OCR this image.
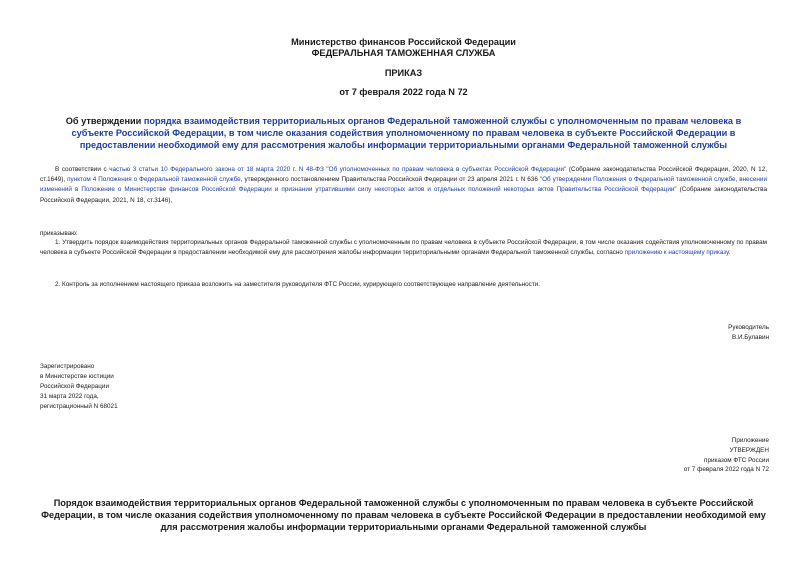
Министерство финансов Российской Федерации
ФЕДЕРАЛЬНАЯ ТАМОЖЕННАЯ СЛУЖБА
ПРИКАЗ
от 7 февраля 2022 года N 72
Об утверждении порядка взаимодействия территориальных органов Федеральной таможенной службы с уполномоченным по правам человека в субъекте Российской Федерации, в том числе оказания содействия уполномоченному по правам человека в субъекте Российской Федерации в предоставлении необходимой ему для рассмотрения жалобы информации территориальными органами Федеральной таможенной службы
В соответствии с частью 3 статьи 10 Федерального закона от 18 марта 2020 г. N 48-ФЗ "Об уполномоченных по правам человека в субъектах Российской Федерации" (Собрание законодательства Российской Федерации, 2020, N 12, ст.1649), пунктом 4 Положения о Федеральной таможенной службе, утвержденного постановлением Правительства Российской Федерации от 23 апреля 2021 г. N 636 "Об утверждении Положения о Федеральной таможенной службе, внесении изменений в Положение о Министерстве финансов Российской Федерации и признании утратившими силу некоторых актов и отдельных положений некоторых актов Правительства Российской Федерации" (Собрание законодательства Российской Федерации, 2021, N 18, ст.3146),
приказываю:
1. Утвердить порядок взаимодействия территориальных органов Федеральной таможенной службы с уполномоченным по правам человека в субъекте Российской Федерации, в том числе оказания содействия уполномоченному по правам человека в субъекте Российской Федерации в предоставлении необходимой ему для рассмотрения жалобы информации территориальными органами Федеральной таможенной службы, согласно приложению к настоящему приказу.
2. Контроль за исполнением настоящего приказа возложить на заместителя руководителя ФТС России, курирующего соответствующее направление деятельности.
Руководитель
В.И.Булавин
Зарегистрировано
в Министерстве юстиции
Российской Федерации
31 марта 2022 года,
регистрационный N 68021
Приложение
УТВЕРЖДЕН
приказом ФТС России
от 7 февраля 2022 года N 72
Порядок взаимодействия территориальных органов Федеральной таможенной службы с уполномоченным по правам человека в субъекте Российской Федерации, в том числе оказания содействия уполномоченному по правам человека в субъекте Российской Федерации в предоставлении необходимой ему для рассмотрения жалобы информации территориальными органами Федеральной таможенной службы
